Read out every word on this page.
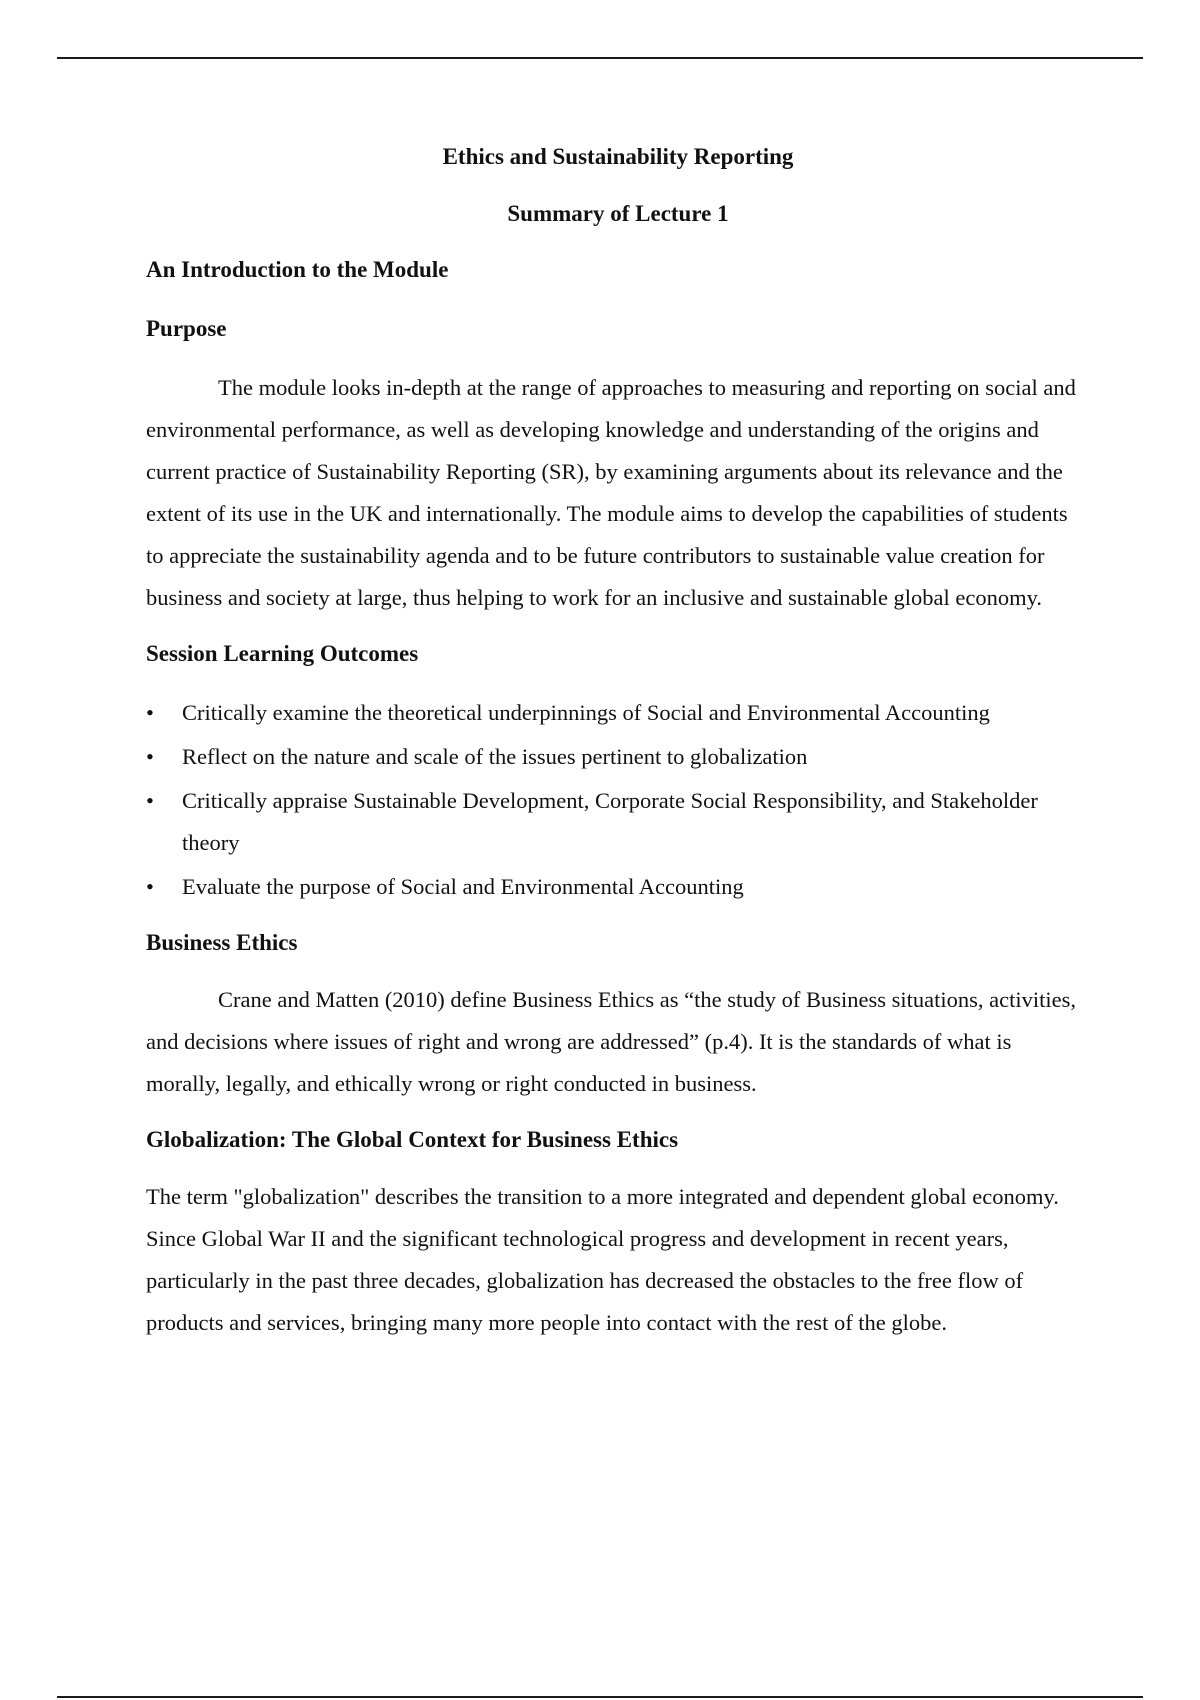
Ethics and Sustainability Reporting
Summary of Lecture 1
An Introduction to the Module
Purpose

The module looks in-depth at the range of approaches to measuring and reporting on social and environmental performance, as well as developing knowledge and understanding of the origins and current practice of Sustainability Reporting (SR), by examining arguments about its relevance and the extent of its use in the UK and internationally. The module aims to develop the capabilities of students to appreciate the sustainability agenda and to be future contributors to sustainable value creation for business and society at large, thus helping to work for an inclusive and sustainable global economy.

Session Learning Outcomes
•	Critically examine the theoretical underpinnings of Social and Environmental Accounting
•	Reflect on the nature and scale of the issues pertinent to globalization
•	Critically appraise Sustainable Development, Corporate Social Responsibility, and Stakeholder theory
•	Evaluate the purpose of Social and Environmental Accounting
Business Ethics

Crane and Matten (2010) define Business Ethics as “the study of Business situations, activities, and decisions where issues of right and wrong are addressed” (p.4). It is the standards of what is morally, legally, and ethically wrong or right conducted in business.

Globalization: The Global Context for Business Ethics

The term "globalization" describes the transition to a more integrated and dependent global economy. Since Global War II and the significant technological progress and development in recent years, particularly in the past three decades, globalization has decreased the obstacles to the free flow of products and services, bringing many more people into contact with the rest of the globe.
